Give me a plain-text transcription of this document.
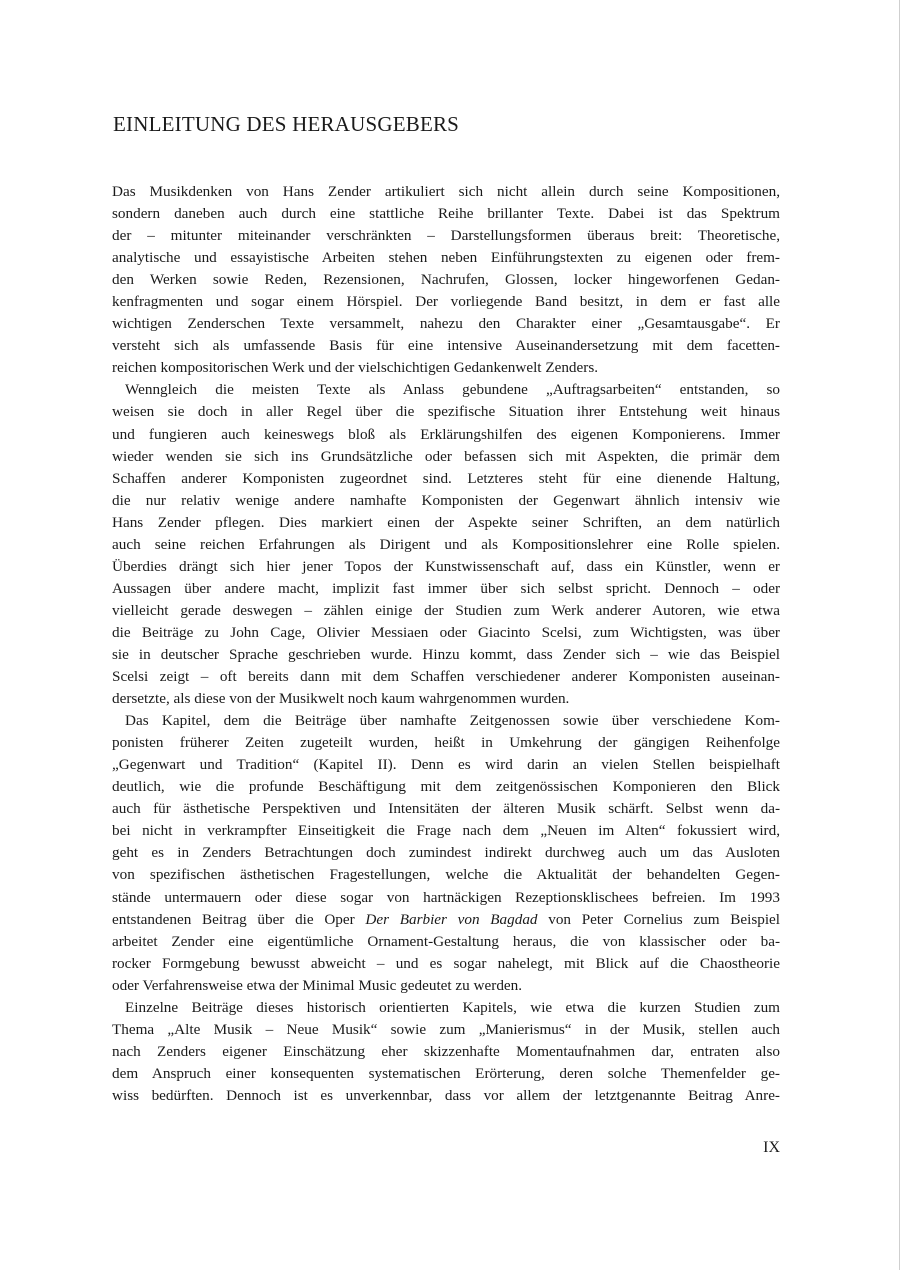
EINLEITUNG DES HERAUSGEBERS

Das Musikdenken von Hans Zender artikuliert sich nicht allein durch seine Kompositionen,
sondern daneben auch durch eine stattliche Reihe brillanter Texte. Dabei ist das Spektrum
der – mitunter miteinander verschränkten – Darstellungsformen überaus breit: Theoretische,
analytische und essayistische Arbeiten stehen neben Einführungstexten zu eigenen oder frem-
den Werken sowie Reden, Rezensionen, Nachrufen, Glossen, locker hingeworfenen Gedan-
kenfragmenten und sogar einem Hörspiel. Der vorliegende Band besitzt, in dem er fast alle
wichtigen Zenderschen Texte versammelt, nahezu den Charakter einer „Gesamtausgabe“. Er
versteht sich als umfassende Basis für eine intensive Auseinandersetzung mit dem facetten-
reichen kompositorischen Werk und der vielschichtigen Gedankenwelt Zenders.

Wenngleich die meisten Texte als Anlass gebundene „Auftragsarbeiten“ entstanden, so
weisen sie doch in aller Regel über die spezifische Situation ihrer Entstehung weit hinaus
und fungieren auch keineswegs bloß als Erklärungshilfen des eigenen Komponierens. Immer
wieder wenden sie sich ins Grundsätzliche oder befassen sich mit Aspekten, die primär dem
Schaffen anderer Komponisten zugeordnet sind. Letzteres steht für eine dienende Haltung,
die nur relativ wenige andere namhafte Komponisten der Gegenwart ähnlich intensiv wie
Hans Zender pflegen. Dies markiert einen der Aspekte seiner Schriften, an dem natürlich
auch seine reichen Erfahrungen als Dirigent und als Kompositionslehrer eine Rolle spielen.
Überdies drängt sich hier jener Topos der Kunstwissenschaft auf, dass ein Künstler, wenn er
Aussagen über andere macht, implizit fast immer über sich selbst spricht. Dennoch – oder
vielleicht gerade deswegen – zählen einige der Studien zum Werk anderer Autoren, wie etwa
die Beiträge zu John Cage, Olivier Messiaen oder Giacinto Scelsi, zum Wichtigsten, was über
sie in deutscher Sprache geschrieben wurde. Hinzu kommt, dass Zender sich – wie das Beispiel
Scelsi zeigt – oft bereits dann mit dem Schaffen verschiedener anderer Komponisten auseinan-
dersetzte, als diese von der Musikwelt noch kaum wahrgenommen wurden.

Das Kapitel, dem die Beiträge über namhafte Zeitgenossen sowie über verschiedene Kom-
ponisten früherer Zeiten zugeteilt wurden, heißt in Umkehrung der gängigen Reihenfolge
„Gegenwart und Tradition“ (Kapitel II). Denn es wird darin an vielen Stellen beispielhaft
deutlich, wie die profunde Beschäftigung mit dem zeitgenössischen Komponieren den Blick
auch für ästhetische Perspektiven und Intensitäten der älteren Musik schärft. Selbst wenn da-
bei nicht in verkrampfter Einseitigkeit die Frage nach dem „Neuen im Alten“ fokussiert wird,
geht es in Zenders Betrachtungen doch zumindest indirekt durchweg auch um das Ausloten
von spezifischen ästhetischen Fragestellungen, welche die Aktualität der behandelten Gegen-
stände untermauern oder diese sogar von hartnäckigen Rezeptionsklischees befreien. Im 1993
entstandenen Beitrag über die Oper Der Barbier von Bagdad von Peter Cornelius zum Beispiel
arbeitet Zender eine eigentümliche Ornament-Gestaltung heraus, die von klassischer oder ba-
rocker Formgebung bewusst abweicht – und es sogar nahelegt, mit Blick auf die Chaostheorie
oder Verfahrensweise etwa der Minimal Music gedeutet zu werden.

Einzelne Beiträge dieses historisch orientierten Kapitels, wie etwa die kurzen Studien zum
Thema „Alte Musik – Neue Musik“ sowie zum „Manierismus“ in der Musik, stellen auch
nach Zenders eigener Einschätzung eher skizzenhafte Momentaufnahmen dar, entraten also
dem Anspruch einer konsequenten systematischen Erörterung, deren solche Themenfelder ge-
wiss bedürften. Dennoch ist es unverkennbar, dass vor allem der letztgenannte Beitrag Anre-

IX
